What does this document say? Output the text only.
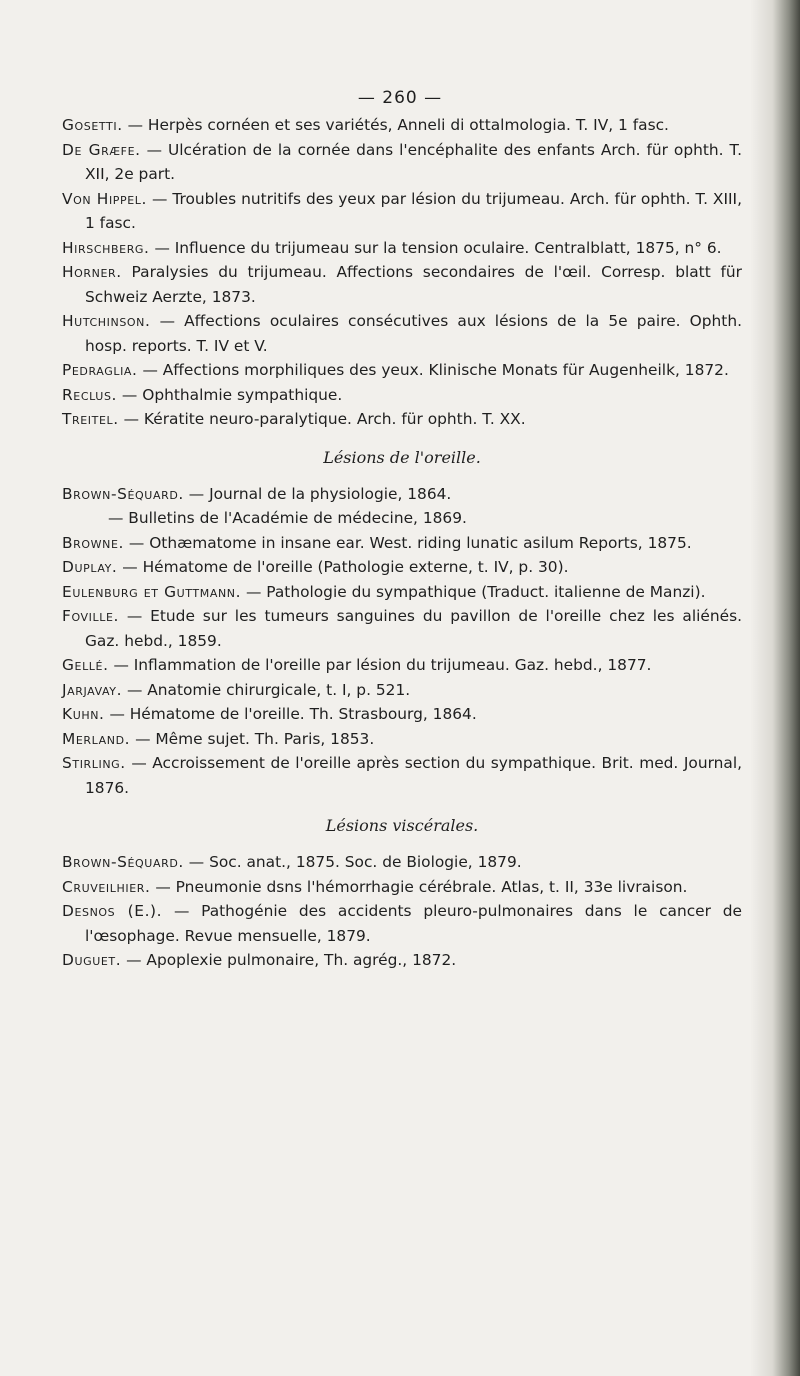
— 260 —

Gosetti. — Herpès cornéen et ses variétés, Anneli di ottalmologia. T. IV, 1 fasc.

De Græfe. — Ulcération de la cornée dans l'encéphalite des enfants Arch. für ophth. T. XII, 2e part.

Von Hippel. — Troubles nutritifs des yeux par lésion du trijumeau. Arch. für ophth. T. XIII, 1 fasc.

Hirschberg. — Influence du trijumeau sur la tension oculaire. Centralblatt, 1875, n° 6.

Horner. Paralysies du trijumeau. Affections secondaires de l'œil. Corresp. blatt für Schweiz Aerzte, 1873.

Hutchinson. — Affections oculaires consécutives aux lésions de la 5e paire. Ophth. hosp. reports. T. IV et V.

Pedraglia. — Affections morphiliques des yeux. Klinische Monats für Augenheilk, 1872.

Reclus. — Ophthalmie sympathique.

Treitel. — Kératite neuro-paralytique. Arch. für ophth. T. XX.

Lésions de l'oreille.

Brown-Séquard. — Journal de la physiologie, 1864.

— Bulletins de l'Académie de médecine, 1869.

Browne. — Othæmatome in insane ear. West. riding lunatic asilum Reports, 1875.

Duplay. — Hématome de l'oreille (Pathologie externe, t. IV, p. 30).

Eulenburg et Guttmann. — Pathologie du sympathique (Traduct. italienne de Manzi).

Foville. — Etude sur les tumeurs sanguines du pavillon de l'oreille chez les aliénés. Gaz. hebd., 1859.

Gellé. — Inflammation de l'oreille par lésion du trijumeau. Gaz. hebd., 1877.

Jarjavay. — Anatomie chirurgicale, t. I, p. 521.

Kuhn. — Hématome de l'oreille. Th. Strasbourg, 1864.

Merland. — Même sujet. Th. Paris, 1853.

Stirling. — Accroissement de l'oreille après section du sympathique. Brit. med. Journal, 1876.

Lésions viscérales.

Brown-Séquard. — Soc. anat., 1875. Soc. de Biologie, 1879.

Cruveilhier. — Pneumonie dsns l'hémorrhagie cérébrale. Atlas, t. II, 33e livraison.

Desnos (E.). — Pathogénie des accidents pleuro-pulmonaires dans le cancer de l'œsophage. Revue mensuelle, 1879.

Duguet. — Apoplexie pulmonaire, Th. agrég., 1872.
